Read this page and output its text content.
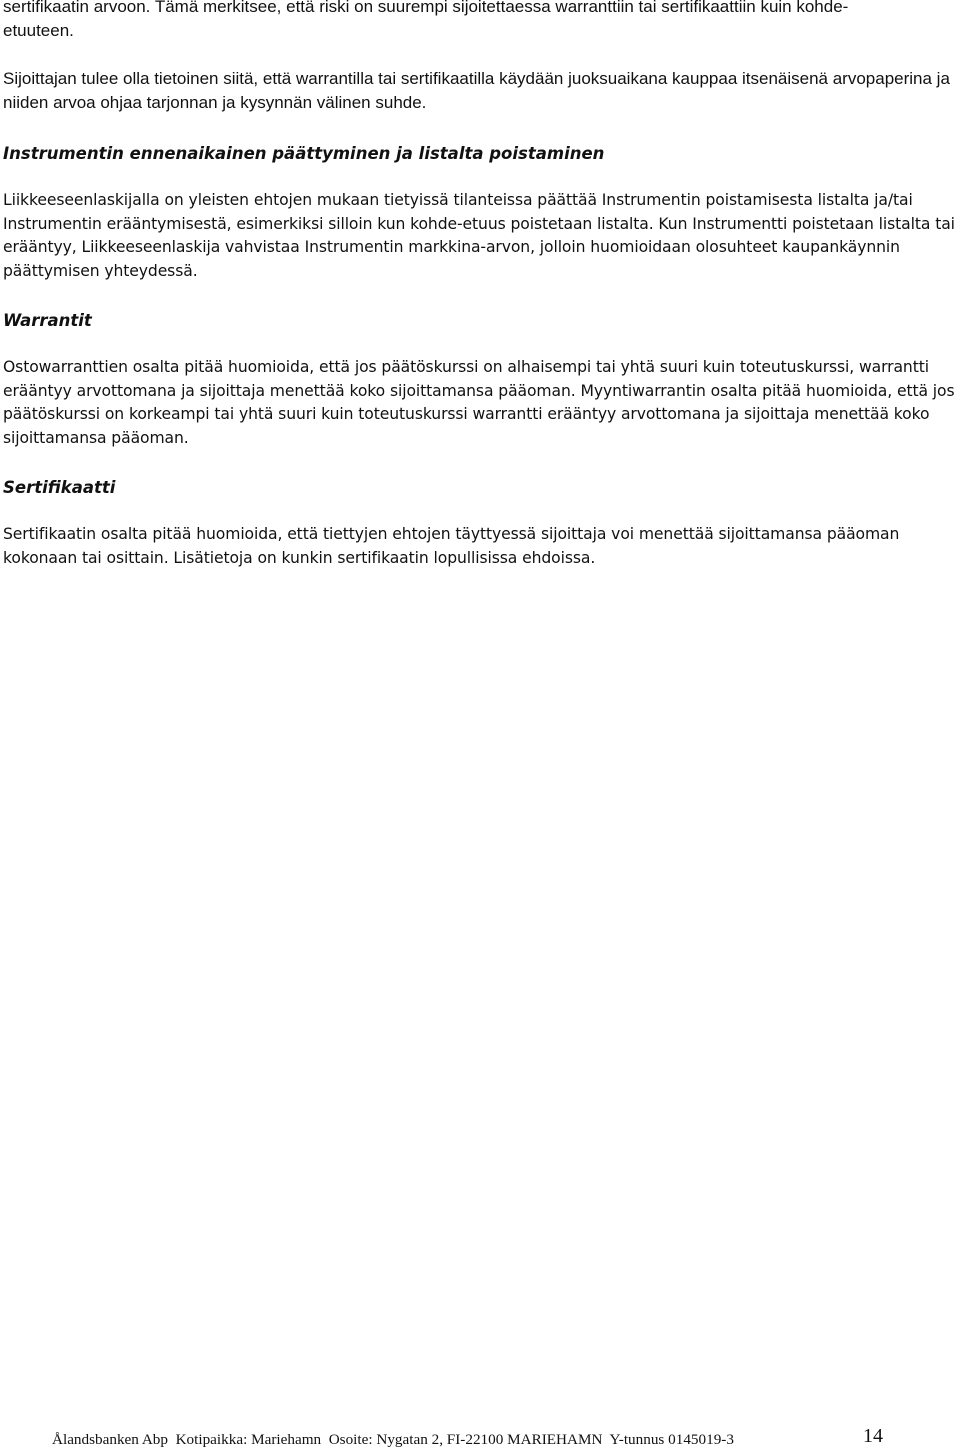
sertifikaatin arvoon. Tämä merkitsee, että riski on suurempi sijoitettaessa warranttiin tai sertifikaattiin kuin kohde-
etuuteen.

Sijoittajan tulee olla tietoinen siitä, että warrantilla tai sertifikaatilla käydään juoksuaikana kauppaa itsenäisenä arvopaperina ja niiden arvoa ohjaa tarjonnan ja kysynnän välinen suhde.

Instrumentin ennenaikainen päättyminen ja listalta poistaminen

Liikkeeseenlaskijalla on yleisten ehtojen mukaan tietyissä tilanteissa päättää Instrumentin poistamisesta listalta ja/tai Instrumentin erääntymisestä, esimerkiksi silloin kun kohde-etuus poistetaan listalta. Kun Instrumentti poistetaan listalta tai erääntyy, Liikkeeseenlaskija vahvistaa Instrumentin markkina-arvon, jolloin huomioidaan olosuhteet kaupankäynnin päättymisen yhteydessä.

Warrantit

Ostowarranttien osalta pitää huomioida, että jos päätöskurssi on alhaisempi tai yhtä suuri kuin toteutuskurssi, warrantti erääntyy arvottomana ja sijoittaja menettää koko sijoittamansa pääoman. Myyntiwarrantin osalta pitää huomioida, että jos päätöskurssi on korkeampi tai yhtä suuri kuin toteutuskurssi warrantti erääntyy arvottomana ja sijoittaja menettää koko sijoittamansa pääoman.

Sertifikaatti

Sertifikaatin osalta pitää huomioida, että tiettyjen ehtojen täyttyessä sijoittaja voi menettää sijoittamansa pääoman
kokonaan tai osittain. Lisätietoja on kunkin sertifikaatin lopullisissa ehdoissa.

Ålandsbanken Abp  Kotipaikka: Mariehamn  Osoite: Nygatan 2, FI-22100 MARIEHAMN  Y-tunnus 0145019-3	14
